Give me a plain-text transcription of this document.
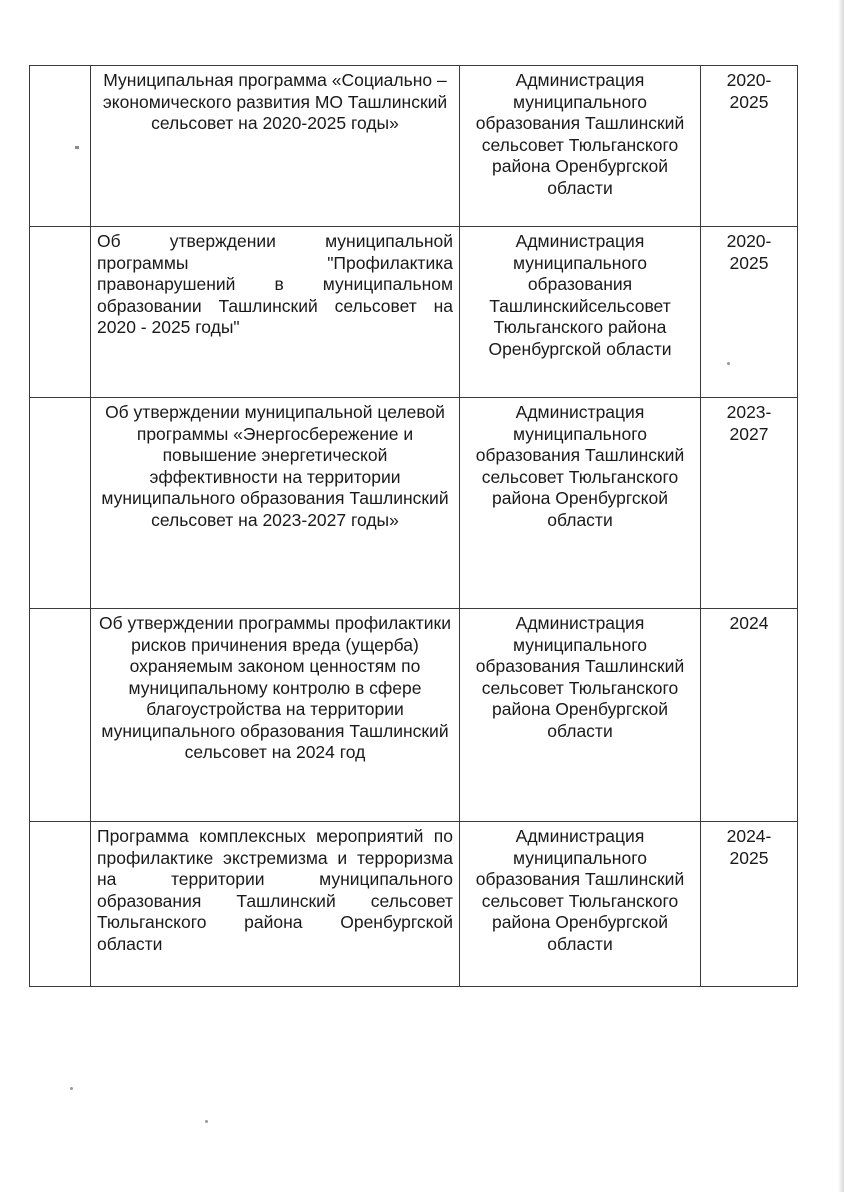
	Муниципальная программа «Социально –экономического развития МО Ташлинский сельсовет на 2020-2025 годы»	Администрация муниципального образования Ташлинский сельсовет Тюльганского района Оренбургской области	2020-2025
	Об утверждении муниципальной программы "Профилактика правонарушений в муниципальном образовании Ташлинский сельсовет на 2020 - 2025 годы"	Администрация муниципального образования Ташлинскийсельсовет Тюльганского района Оренбургской области	2020-2025
	Об утверждении муниципальной целевой программы «Энергосбережение и повышение энергетической эффективности на территории муниципального образования Ташлинский сельсовет на 2023-2027 годы»	Администрация муниципального образования Ташлинский сельсовет Тюльганского района Оренбургской области	2023-2027
	Об утверждении программы профилактики рисков причинения вреда (ущерба) охраняемым законом ценностям по муниципальному контролю в сфере благоустройства на территории муниципального образования Ташлинский сельсовет на 2024 год	Администрация муниципального образования Ташлинский сельсовет Тюльганского района Оренбургской области	2024
	Программа комплексных мероприятий по профилактике экстремизма и терроризма на территории муниципального образования Ташлинский сельсовет Тюльганского района Оренбургской области	Администрация муниципального образования Ташлинский сельсовет Тюльганского района Оренбургской области	2024-2025
